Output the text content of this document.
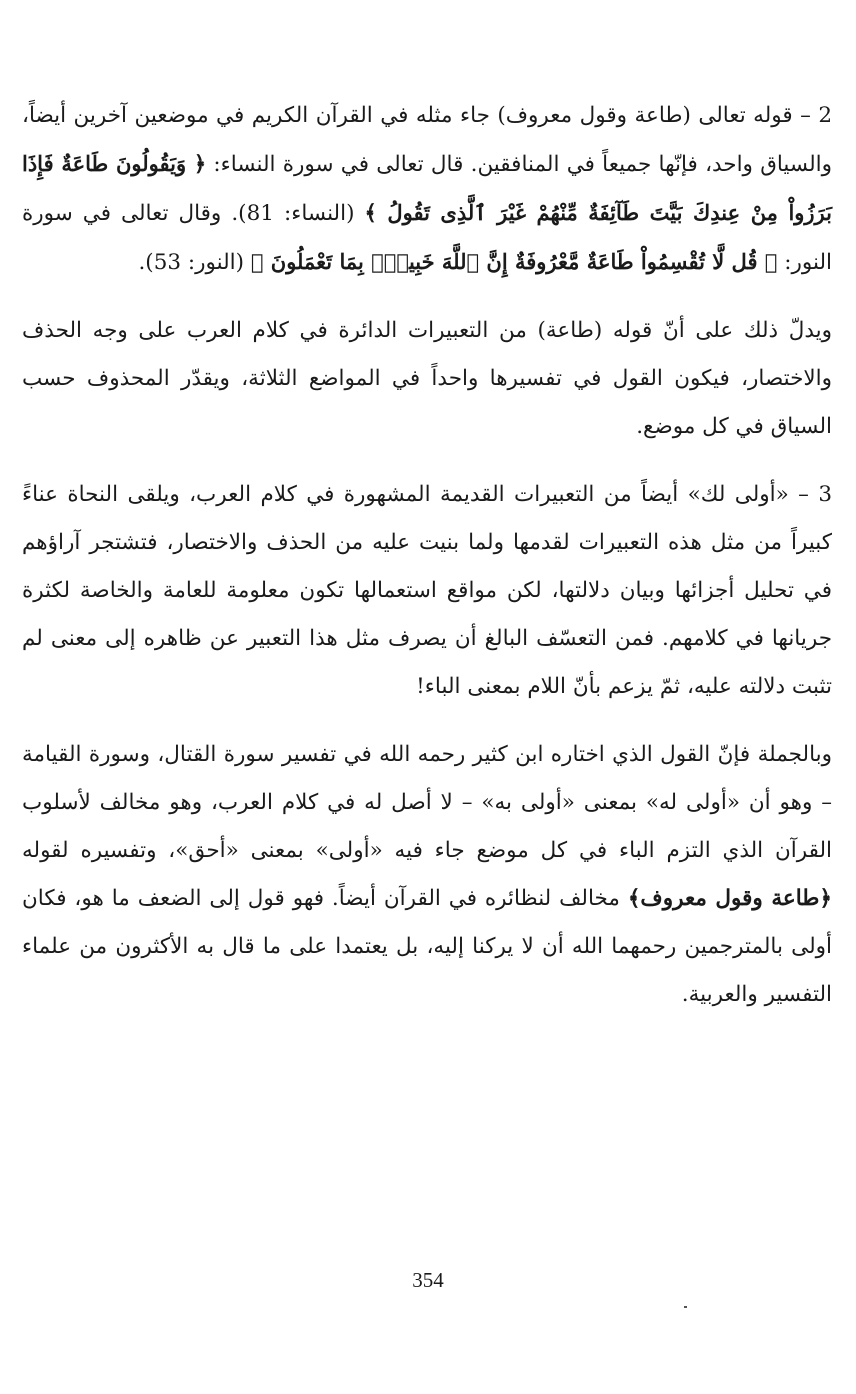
2 – قوله تعالى (طاعة وقول معروف) جاء مثله في القرآن الكريم في موضعين آخرين أيضاً، والسياق واحد، فإنّها جميعاً في المنافقين. قال تعالى في سورة النساء: ﴿ وَيَقُولُونَ طَاعَةٌ فَإِذَا بَرَزُواْ مِنْ عِندِكَ بَيَّتَ طَآئِفَةٌ مِّنْهُمْ غَيْرَ ٱلَّذِى تَقُولُ ﴾ (النساء: 81). وقال تعالى في سورة النور: ﴿ قُل لَّا تُقْسِمُواْ طَاعَةٌ مَّعْرُوفَةٌ إِنَّ ٱللَّهَ خَبِيرٌۢ بِمَا تَعْمَلُونَ ﴾ (النور: 53).

ويدلّ ذلك على أنّ قوله (طاعة) من التعبيرات الدائرة في كلام العرب على وجه الحذف والاختصار، فيكون القول في تفسيرها واحداً في المواضع الثلاثة، ويقدّر المحذوف حسب السياق في كل موضع.

3 – «أولى لك» أيضاً من التعبيرات القديمة المشهورة في كلام العرب، ويلقى النحاة عناءً كبيراً من مثل هذه التعبيرات لقدمها ولما بنيت عليه من الحذف والاختصار، فتشتجر آراؤهم في تحليل أجزائها وبيان دلالتها، لكن مواقع استعمالها تكون معلومة للعامة والخاصة لكثرة جريانها في كلامهم. فمن التعسّف البالغ أن يصرف مثل هذا التعبير عن ظاهره إلى معنى لم تثبت دلالته عليه، ثمّ يزعم بأنّ اللام بمعنى الباء!

وبالجملة فإنّ القول الذي اختاره ابن كثير رحمه الله في تفسير سورة القتال، وسورة القيامة – وهو أن «أولى له» بمعنى «أولى به» – لا أصل له في كلام العرب، وهو مخالف لأسلوب القرآن الذي التزم الباء في كل موضع جاء فيه «أولى» بمعنى «أحق»، وتفسيره لقوله ﴿طاعة وقول معروف﴾ مخالف لنظائره في القرآن أيضاً. فهو قول إلى الضعف ما هو، فكان أولى بالمترجمين رحمهما الله أن لا يركنا إليه، بل يعتمدا على ما قال به الأكثرون من علماء التفسير والعربية.

354
